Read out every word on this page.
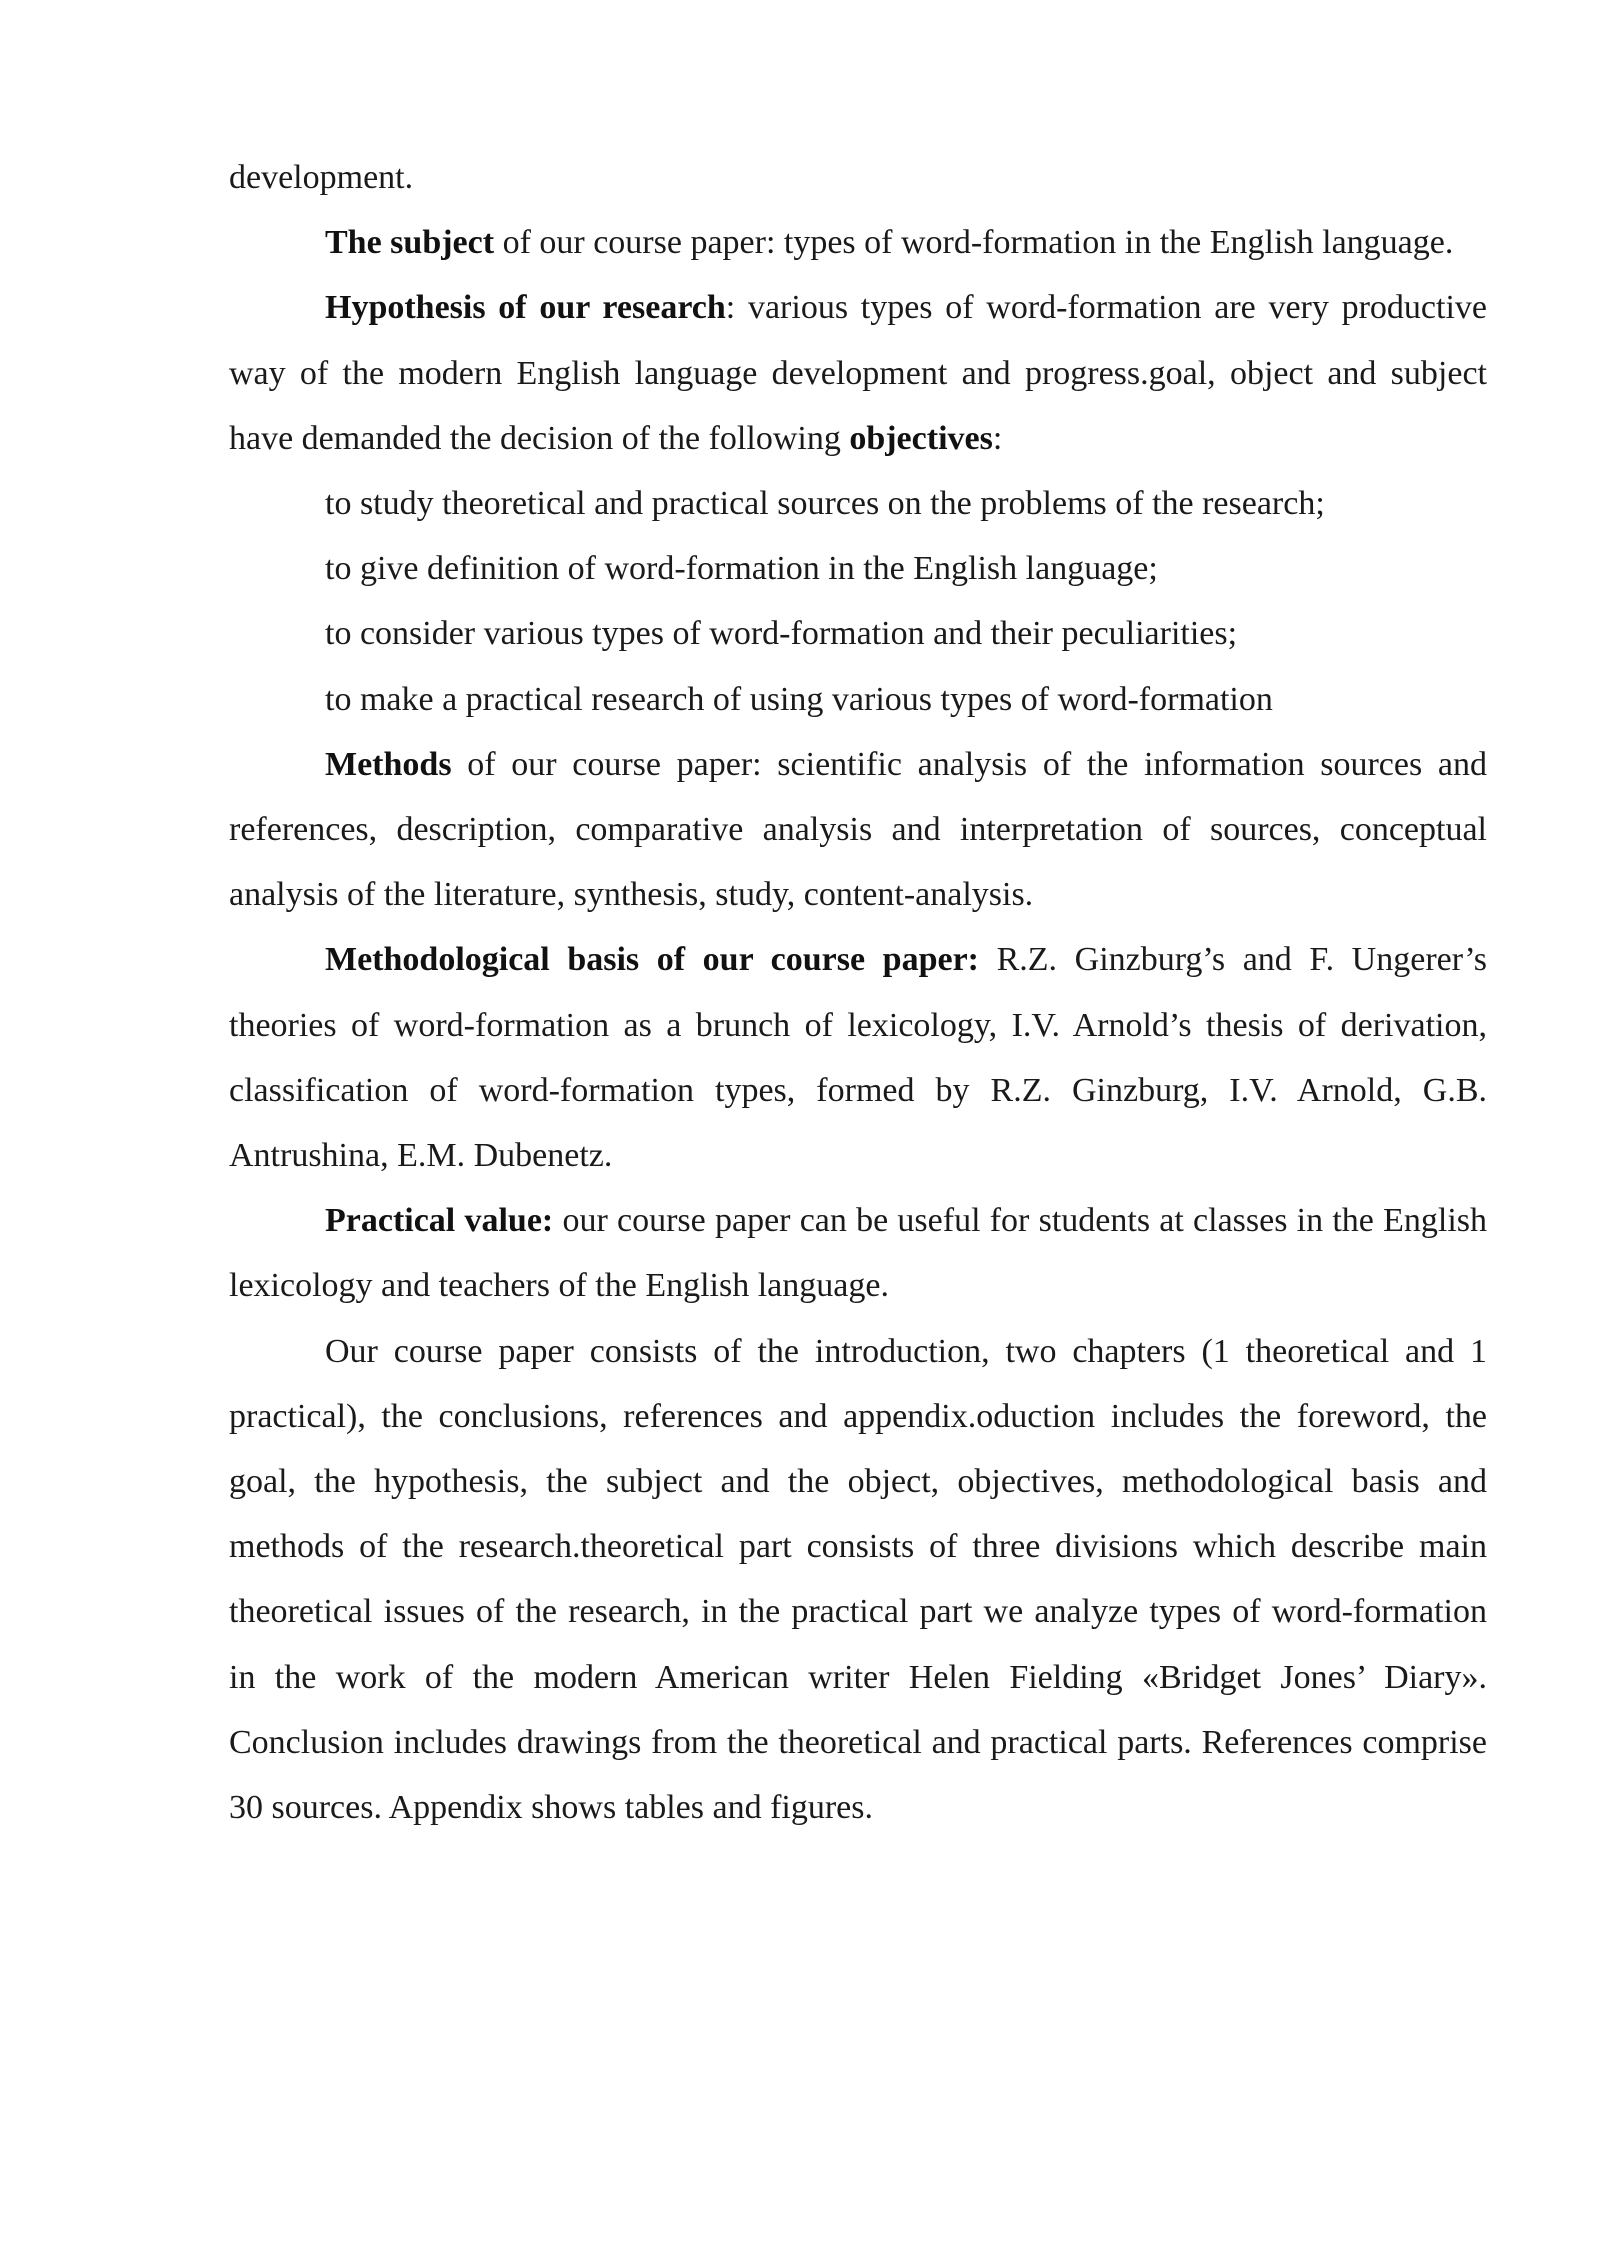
development.

The subject of our course paper: types of word-formation in the English language.

Hypothesis of our research: various types of word-formation are very productive way of the modern English language development and progress.goal, object and subject have demanded the decision of the following objectives:

to study theoretical and practical sources on the problems of the research;

to give definition of word-formation in the English language;

to consider various types of word-formation and their peculiarities;

to make a practical research of using various types of word-formation

Methods of our course paper: scientific analysis of the information sources and references, description, comparative analysis and interpretation of sources, conceptual analysis of the literature, synthesis, study, content-analysis.

Methodological basis of our course paper: R.Z. Ginzburg’s and F. Ungerer’s theories of word-formation as a brunch of lexicology, I.V. Arnold’s thesis of derivation, classification of word-formation types, formed by R.Z. Ginzburg, I.V. Arnold, G.B. Antrushina, E.M. Dubenetz.

Practical value: our course paper can be useful for students at classes in the English lexicology and teachers of the English language.

Our course paper consists of the introduction, two chapters (1 theoretical and 1 practical), the conclusions, references and appendix.oduction includes the foreword, the goal, the hypothesis, the subject and the object, objectives, methodological basis and methods of the research.theoretical part consists of three divisions which describe main theoretical issues of the research, in the practical part we analyze types of word-formation in the work of the modern American writer Helen Fielding «Bridget Jones’ Diary». Conclusion includes drawings from the theoretical and practical parts. References comprise 30 sources. Appendix shows tables and figures.
